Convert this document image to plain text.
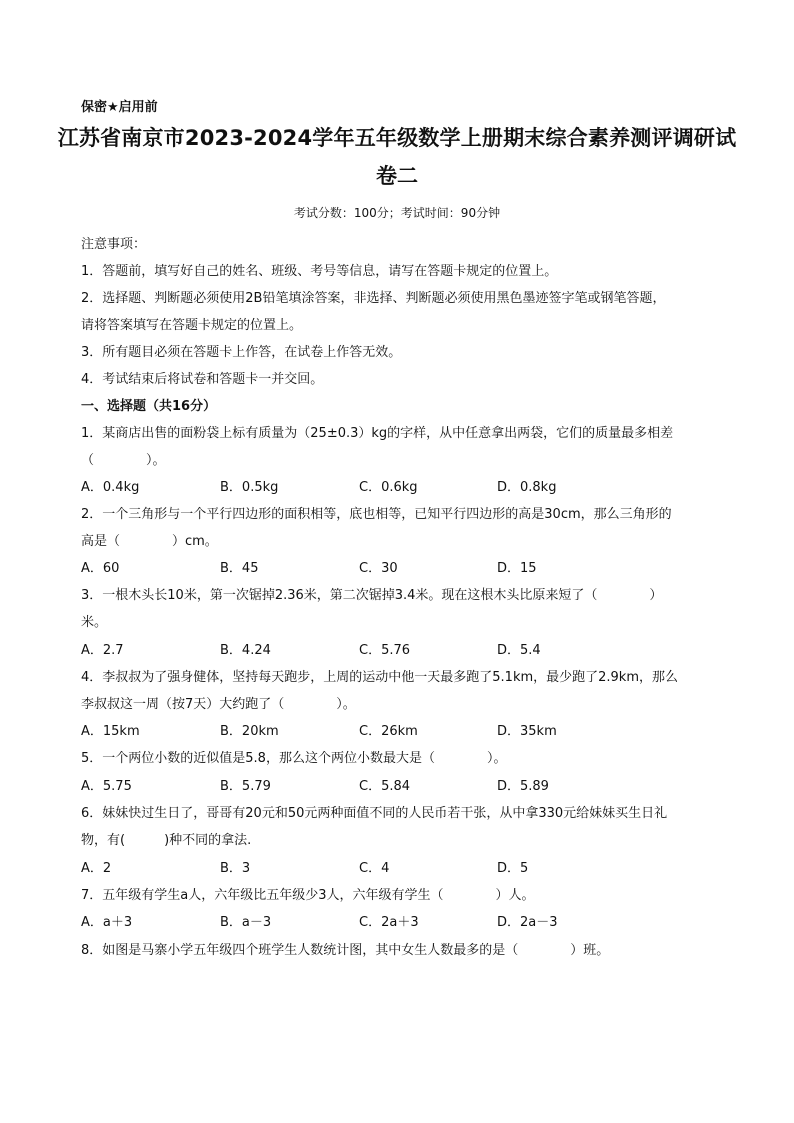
保密★启用前
江苏省南京市2023-2024学年五年级数学上册期末综合素养测评调研试
卷二
考试分数：100分；考试时间：90分钟
注意事项：
1．答题前，填写好自己的姓名、班级、考号等信息，请写在答题卡规定的位置上。
2．选择题、判断题必须使用2B铅笔填涂答案，非选择、判断题必须使用黑色墨迹签字笔或钢笔答题，
请将答案填写在答题卡规定的位置上。
3．所有题目必须在答题卡上作答，在试卷上作答无效。
4．考试结束后将试卷和答题卡一并交回。
一、选择题（共16分）
1．某商店出售的面粉袋上标有质量为（25±0.3）kg的字样，从中任意拿出两袋，它们的质量最多相差
（　　　　）。
A．0.4kg	B．0.5kg	C．0.6kg	D．0.8kg
2．一个三角形与一个平行四边形的面积相等，底也相等，已知平行四边形的高是30cm，那么三角形的
高是（　　　　）cm。
A．60	B．45	C．30	D．15
3．一根木头长10米，第一次锯掉2.36米，第二次锯掉3.4米。现在这根木头比原来短了（　　　　）
米。
A．2.7	B．4.24	C．5.76	D．5.4
4．李叔叔为了强身健体，坚持每天跑步，上周的运动中他一天最多跑了5.1km，最少跑了2.9km，那么
李叔叔这一周（按7天）大约跑了（　　　　）。
A．15km	B．20km	C．26km	D．35km
5．一个两位小数的近似值是5.8，那么这个两位小数最大是（　　　　）。
A．5.75	B．5.79	C．5.84	D．5.89
6．妹妹快过生日了，哥哥有20元和50元两种面值不同的人民币若干张，从中拿330元给妹妹买生日礼
物，有(　　　)种不同的拿法.
A．2	B．3	C．4	D．5
7．五年级有学生a人，六年级比五年级少3人，六年级有学生（　　　　）人。
A．a＋3	B．a－3	C．2a＋3	D．2a－3
8．如图是马寨小学五年级四个班学生人数统计图，其中女生人数最多的是（　　　　）班。
